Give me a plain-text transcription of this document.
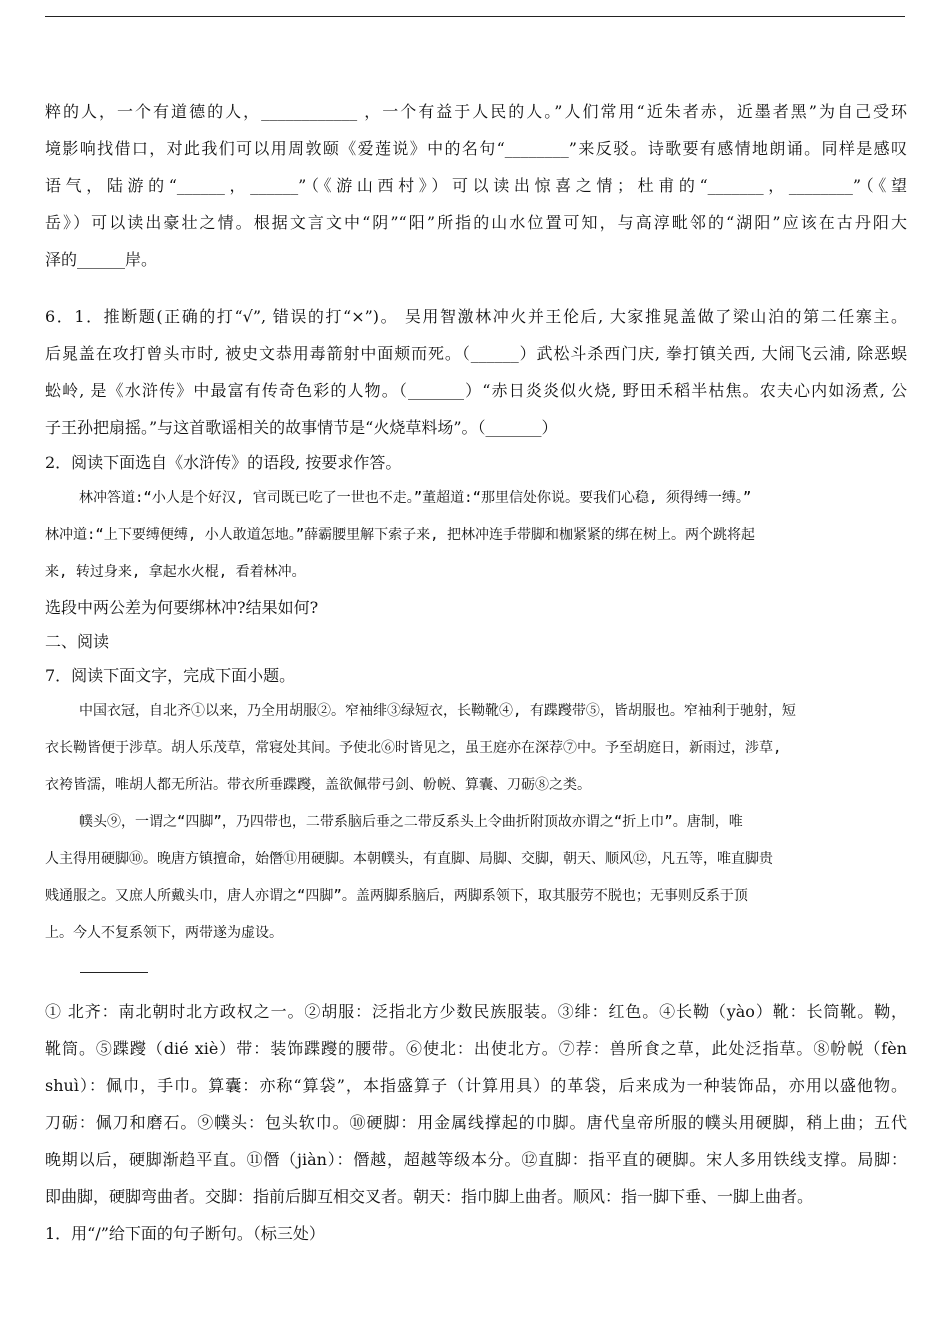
粹的人，一个有道德的人，____________ ，一个有益于人民的人。”人们常用“近朱者赤，近墨者黑”为自己受环
境影响找借口，对此我们可以用周敦颐《爱莲说》中的名句“________”来反驳。诗歌要有感情地朗诵。同样是感叹
语气，陆游的“______，______”（《游山西村》）可以读出惊喜之情；杜甫的“_______，________”（《望
岳》）可以读出豪壮之情。根据文言文中“阴”“阳”所指的山水位置可知，与高淳毗邻的“湖阳”应该在古丹阳大
泽的______岸。
6．1．推断题(正确的打“√”, 错误的打“×”)。 吴用智激林冲火并王伦后, 大家推晁盖做了梁山泊的第二任寨主。
后晁盖在攻打曾头市时, 被史文恭用毒箭射中面颊而死。（______）武松斗杀西门庆, 拳打镇关西, 大闹飞云浦, 除恶蜈
蚣岭, 是《水浒传》中最富有传奇色彩的人物。（_______）“赤日炎炎似火烧, 野田禾稻半枯焦。农夫心内如汤煮, 公
子王孙把扇摇。”与这首歌谣相关的故事情节是“火烧草料场”。（_______）
2．阅读下面选自《水浒传》的语段, 按要求作答。
林冲答道:“小人是个好汉, 官司既已吃了一世也不走。”董超道:“那里信处你说。要我们心稳, 须得缚一缚。”
林冲道:“上下要缚便缚, 小人敢道怎地。”薛霸腰里解下索子来, 把林冲连手带脚和枷紧紧的绑在树上。两个跳将起
来, 转过身来, 拿起水火棍, 看着林冲。
选段中两公差为何要绑林冲?结果如何?
二、阅读
7．阅读下面文字，完成下面小题。
中国衣冠，自北齐①以来，乃全用胡服②。窄袖绯③绿短衣，长靿靴④, 有蹀躞带⑤，皆胡服也。窄袖利于驰射，短
衣长靿皆便于涉草。胡人乐茂草，常寝处其间。予使北⑥时皆见之，虽王庭亦在深荐⑦中。予至胡庭日，新雨过，涉草,
衣袴皆濡，唯胡人都无所沾。带衣所垂蹀躞，盖欲佩带弓剑、帉帨、算囊、刀砺⑧之类。
幞头⑨，一谓之“四脚”，乃四带也，二带系脑后垂之二带反系头上令曲折附顶故亦谓之“折上巾”。唐制，唯
人主得用硬脚⑩。晚唐方镇擅命，始僭⑪用硬脚。本朝幞头，有直脚、局脚、交脚，朝天、顺风⑫，凡五等，唯直脚贵
贱通服之。又庶人所戴头巾，唐人亦谓之“四脚”。盖两脚系脑后，两脚系领下，取其服劳不脱也；无事则反系于顶
上。今人不复系领下，两带遂为虚设。
① 北齐：南北朝时北方政权之一。②胡服：泛指北方少数民族服装。③绯：红色。④长靿（yào）靴：长筒靴。靿，
靴筒。⑤蹀躞（dié xiè）带：装饰蹀躞的腰带。⑥使北：出使北方。⑦荐：兽所食之草，此处泛指草。⑧帉帨（fèn
shuì）：佩巾，手巾。算囊：亦称“算袋”，本指盛算子（计算用具）的革袋，后来成为一种装饰品，亦用以盛他物。
刀砺：佩刀和磨石。⑨幞头：包头软巾。⑩硬脚：用金属线撑起的巾脚。唐代皇帝所服的幞头用硬脚，稍上曲；五代
晚期以后，硬脚渐趋平直。⑪僭（jiàn）：僭越，超越等级本分。⑫直脚：指平直的硬脚。宋人多用铁线支撑。局脚：
即曲脚，硬脚弯曲者。交脚：指前后脚互相交叉者。朝天：指巾脚上曲者。顺风：指一脚下垂、一脚上曲者。
1．用“/”给下面的句子断句。（标三处）
